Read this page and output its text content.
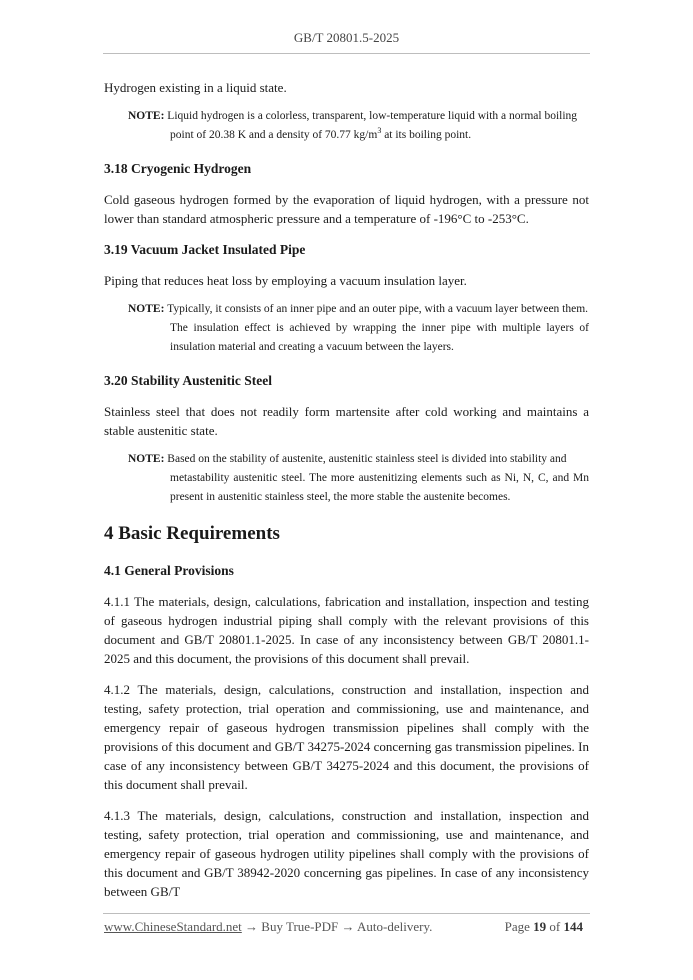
GB/T 20801.5-2025

Hydrogen existing in a liquid state.

NOTE: Liquid hydrogen is a colorless, transparent, low-temperature liquid with a normal boiling
point of 20.38 K and a density of 70.77 $kg/m^3$ at its boiling point.
3.18 Cryogenic Hydrogen

Cold gaseous hydrogen formed by the evaporation of liquid hydrogen, with a pressure not lower than standard atmospheric pressure and a temperature of -196°C to -253°C.

3.19 Vacuum Jacket Insulated Pipe

Piping that reduces heat loss by employing a vacuum insulation layer.

NOTE: Typically, it consists of an inner pipe and an outer pipe, with a vacuum layer between them.
The insulation effect is achieved by wrapping the inner pipe with multiple layers of insulation material and creating a vacuum between the layers.
3.20 Stability Austenitic Steel

Stainless steel that does not readily form martensite after cold working and maintains a stable austenitic state.

NOTE: Based on the stability of austenite, austenitic stainless steel is divided into stability and
metastability austenitic steel. The more austenitizing elements such as Ni, N, C, and Mn present in austenitic stainless steel, the more stable the austenite becomes.
4 Basic Requirements
4.1 General Provisions

4.1.1 The materials, design, calculations, fabrication and installation, inspection and testing of gaseous hydrogen industrial piping shall comply with the relevant provisions of this document and GB/T 20801.1-2025. In case of any inconsistency between GB/T 20801.1-2025 and this document, the provisions of this document shall prevail.

4.1.2 The materials, design, calculations, construction and installation, inspection and testing, safety protection, trial operation and commissioning, use and maintenance, and emergency repair of gaseous hydrogen transmission pipelines shall comply with the provisions of this document and GB/T 34275-2024 concerning gas transmission pipelines. In case of any inconsistency between GB/T 34275-2024 and this document, the provisions of this document shall prevail.

4.1.3 The materials, design, calculations, construction and installation, inspection and testing, safety protection, trial operation and commissioning, use and maintenance, and emergency repair of gaseous hydrogen utility pipelines shall comply with the provisions of this document and GB/T 38942-2020 concerning gas pipelines. In case of any inconsistency between GB/T

www.ChineseStandard.net → Buy True-PDF → Auto-delivery.	Page 19 of 144
